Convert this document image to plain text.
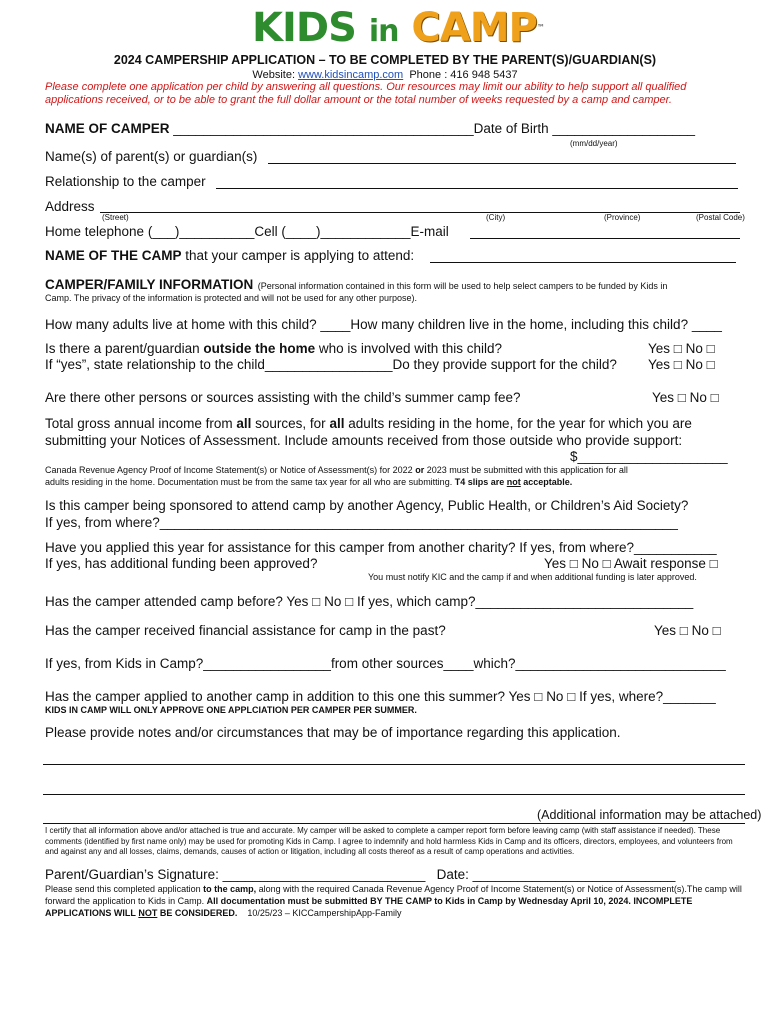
KIDS in CAMP™
2024 CAMPERSHIP APPLICATION – TO BE COMPLETED BY THE PARENT(S)/GUARDIAN(S)
Website: www.kidsincamp.com Phone : 416 948 5437
Please complete one application per child by answering all questions. Our resources may limit our ability to help support all qualified applications received, or to be able to grant the full dollar amount or the total number of weeks requested by a camp and camper.
NAME OF CAMPER ________________________________________Date of Birth ___________________
(mm/dd/year)
Name(s) of parent(s) or guardian(s)
Relationship to the camper
Address
(Street)	(City)	(Province)	(Postal Code)
Home telephone (___)__________Cell (____)____________E-mail
NAME OF THE CAMP that your camper is applying to attend:
CAMPER/FAMILY INFORMATION (Personal information contained in this form will be used to help select campers to be funded by Kids in
Camp. The privacy of the information is protected and will not be used for any other purpose).
How many adults live at home with this child? ____How many children live in the home, including this child? ____
Is there a parent/guardian outside the home who is involved with this child?	Yes □ No □
If “yes”, state relationship to the child_________________Do they provide support for the child? Yes □ No □
Are there other persons or sources assisting with the child’s summer camp fee?	Yes □ No □
Total gross annual income from all sources, for all adults residing in the home, for the year for which you are
submitting your Notices of Assessment. Include amounts received from those outside who provide support:
$____________________
Canada Revenue Agency Proof of Income Statement(s) or Notice of Assessment(s) for 2022 or 2023 must be submitted with this application for all
adults residing in the home. Documentation must be from the same tax year for all who are submitting. T4 slips are not acceptable.
Is this camper being sponsored to attend camp by another Agency, Public Health, or Children’s Aid Society?
If yes, from where?_____________________________________________________________________
Have you applied this year for assistance for this camper from another charity? If yes, from where?___________
If yes, has additional funding been approved?	Yes □ No □ Await response □
You must notify KIC and the camp if and when additional funding is later approved.
Has the camper attended camp before? Yes □ No □ If yes, which camp?_____________________________
Has the camper received financial assistance for camp in the past?	Yes □ No □
If yes, from Kids in Camp?_________________from other sources____which?____________________________
Has the camper applied to another camp in addition to this one this summer? Yes □ No □ If yes, where?_______
KIDS IN CAMP WILL ONLY APPROVE ONE APPLCIATION PER CAMPER PER SUMMER.
Please provide notes and/or circumstances that may be of importance regarding this application.
(Additional information may be attached)
I certify that all information above and/or attached is true and accurate. My camper will be asked to complete a camper report form before leaving camp (with staff assistance if needed). These comments (identified by first name only) may be used for promoting Kids in Camp. I agree to indemnify and hold harmless Kids in Camp and its officers, directors, employees, and volunteers from and against any and all losses, claims, demands, causes of action or litigation, including all costs thereof as a result of camp operations and activities.
Parent/Guardian’s Signature: ___________________________ Date: ___________________________
Please send this completed application to the camp, along with the required Canada Revenue Agency Proof of Income Statement(s) or Notice of Assessment(s).The camp will forward the application to Kids in Camp. All documentation must be submitted BY THE CAMP to Kids in Camp by Wednesday April 10, 2024. INCOMPLETE APPLICATIONS WILL NOT BE CONSIDERED. 10/25/23 – KICCampershipApp-Family
